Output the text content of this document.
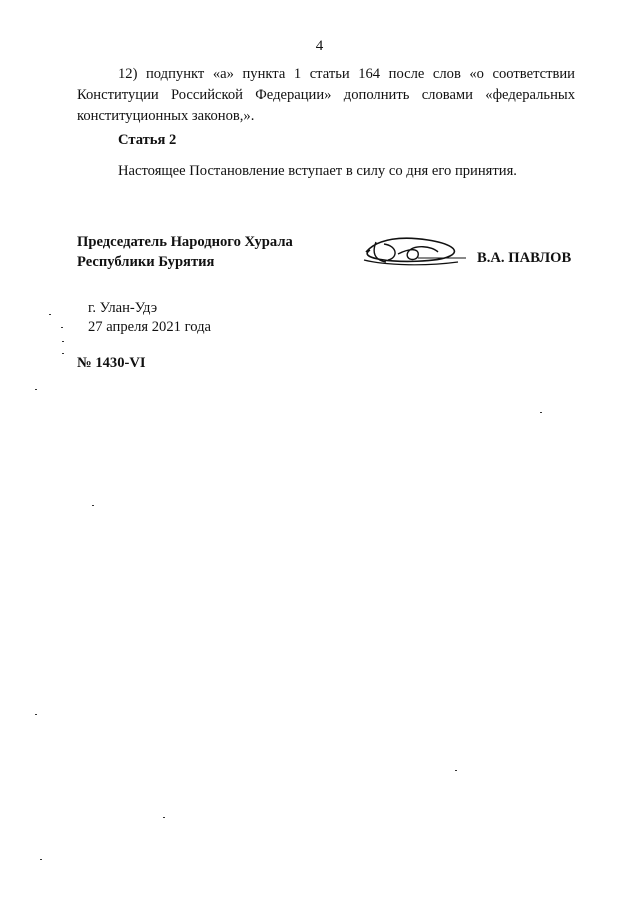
4
12) подпункт «а» пункта 1 статьи 164 после слов «о соответствии Конституции Российской Федерации» дополнить словами «федеральных конституционных законов,».
Статья 2
Настоящее Постановление вступает в силу со дня его принятия.
Председатель Народного Хурала
Республики Бурятия	В.А. ПАВЛОВ
г. Улан-Удэ
27 апреля 2021 года
№ 1430-VI
